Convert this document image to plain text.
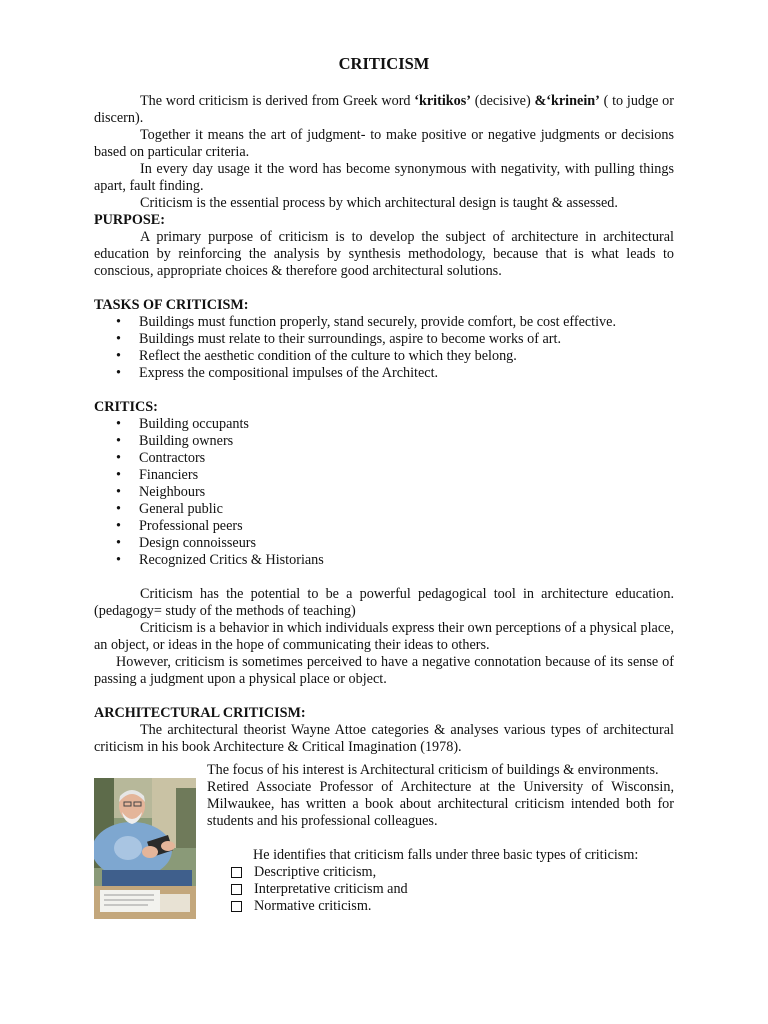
CRITICISM

The word criticism is derived from Greek word ‘kritikos’ (decisive) &‘krinein’ ( to judge or discern).

Together it means the art of judgment- to make positive or negative judgments or decisions based on particular criteria.

In every day usage it the word has become synonymous with negativity, with pulling things apart, fault finding.

Criticism is the essential process by which architectural design is taught & assessed.

PURPOSE:

A primary purpose of criticism is to develop the subject of architecture in architectural education by reinforcing the analysis by synthesis methodology, because that is what leads to conscious, appropriate choices & therefore good architectural solutions.

TASKS OF CRITICISM:

• Buildings must function properly, stand securely, provide comfort, be cost effective.
• Buildings must relate to their surroundings, aspire to become works of art.
• Reflect the aesthetic condition of the culture to which they belong.
• Express the compositional impulses of the Architect.

CRITICS:

• Building occupants
• Building owners
• Contractors
• Financiers
• Neighbours
• General public
• Professional peers
• Design connoisseurs
• Recognized Critics & Historians

Criticism has the potential to be a powerful pedagogical tool in architecture education. (pedagogy= study of the methods of teaching)

Criticism is a behavior in which individuals express their own perceptions of a physical place, an object, or ideas in the hope of communicating their ideas to others.

However, criticism is sometimes perceived to have a negative connotation because of its sense of passing a judgment upon a physical place or object.

ARCHITECTURAL CRITICISM:

The architectural theorist Wayne Attoe categories & analyses various types of architectural criticism in his book Architecture & Critical Imagination (1978).

The focus of his interest is Architectural criticism of buildings & environments.

Retired Associate Professor of Architecture at the University of Wisconsin, Milwaukee, has written a book about architectural criticism intended both for students and his professional colleagues.

He identifies that criticism falls under three basic types of criticism:

Descriptive criticism,
Interpretative criticism and
Normative criticism.
